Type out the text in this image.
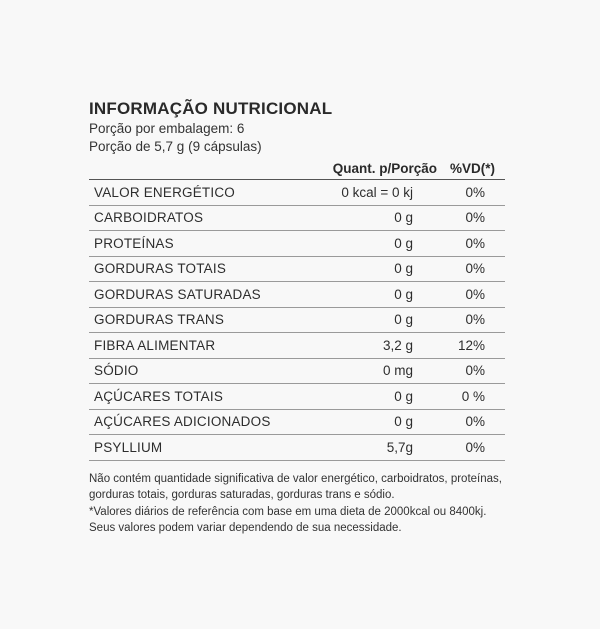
INFORMAÇÃO NUTRICIONAL
Porção por embalagem: 6
Porção de 5,7 g (9 cápsulas)
Quant. p/Porção %VD(*)
VALOR ENERGÉTICO	0 kcal = 0 kj	0%
CARBOIDRATOS	0 g	0%
PROTEÍNAS	0 g	0%
GORDURAS TOTAIS	0 g	0%
GORDURAS SATURADAS	0 g	0%
GORDURAS TRANS	0 g	0%
FIBRA ALIMENTAR	3,2 g	12%
SÓDIO	0 mg	0%
AÇÚCARES TOTAIS	0 g	0 %
AÇÚCARES ADICIONADOS	0 g	0%
PSYLLIUM	5,7g	0%
Não contém quantidade significativa de valor energético, carboidratos, proteínas,
gorduras totais, gorduras saturadas, gorduras trans e sódio.
*Valores diários de referência com base em uma dieta de 2000kcal ou 8400kj.
Seus valores podem variar dependendo de sua necessidade.
